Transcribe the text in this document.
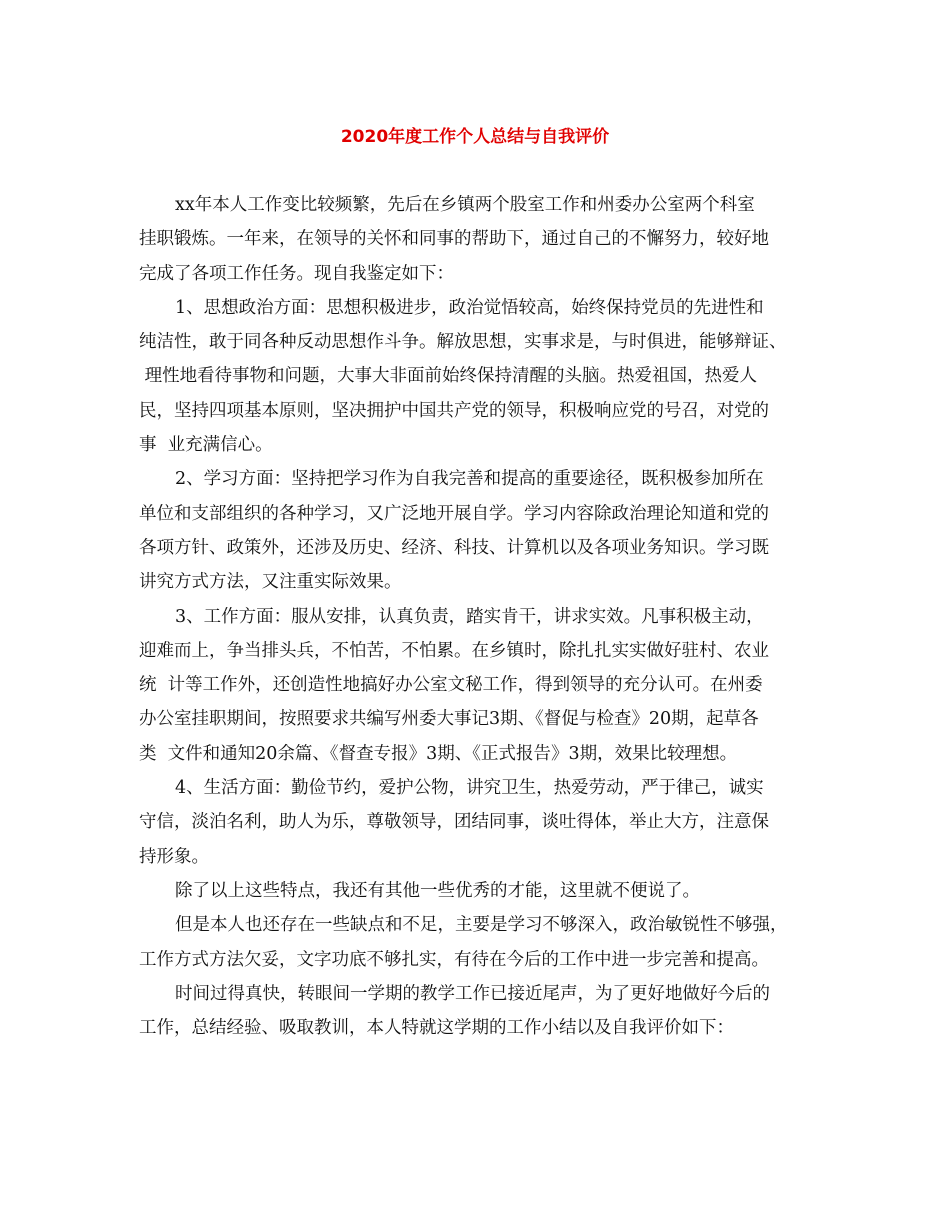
2020年度工作个人总结与自我评价
xx年本人工作变比较频繁，先后在乡镇两个股室工作和州委办公室两个科室
挂职锻炼。一年来，在领导的关怀和同事的帮助下，通过自己的不懈努力，较好地
完成了各项工作任务。现自我鉴定如下：
1、思想政治方面：思想积极进步，政治觉悟较高，始终保持党员的先进性和
纯洁性，敢于同各种反动思想作斗争。解放思想，实事求是，与时俱进，能够辩证、
理性地看待事物和问题，大事大非面前始终保持清醒的头脑。热爱祖国，热爱人
民，坚持四项基本原则，坚决拥护中国共产党的领导，积极响应党的号召，对党的
事  业充满信心。
2、学习方面：坚持把学习作为自我完善和提高的重要途径，既积极参加所在
单位和支部组织的各种学习，又广泛地开展自学。学习内容除政治理论知道和党的
各项方针、政策外，还涉及历史、经济、科技、计算机以及各项业务知识。学习既
讲究方式方法，又注重实际效果。
3、工作方面：服从安排，认真负责，踏实肯干，讲求实效。凡事积极主动，
迎难而上，争当排头兵，不怕苦，不怕累。在乡镇时，除扎扎实实做好驻村、农业
统  计等工作外，还创造性地搞好办公室文秘工作，得到领导的充分认可。在州委
办公室挂职期间，按照要求共编写州委大事记3期、《督促与检查》20期，起草各
类  文件和通知20余篇、《督查专报》3期、《正式报告》3期，效果比较理想。
4、生活方面：勤俭节约，爱护公物，讲究卫生，热爱劳动，严于律己，诚实
守信，淡泊名利，助人为乐，尊敬领导，团结同事，谈吐得体，举止大方，注意保
持形象。
除了以上这些特点，我还有其他一些优秀的才能，这里就不便说了。
但是本人也还存在一些缺点和不足，主要是学习不够深入，政治敏锐性不够强，
工作方式方法欠妥，文字功底不够扎实，有待在今后的工作中进一步完善和提高。
时间过得真快，转眼间一学期的教学工作已接近尾声，为了更好地做好今后的
工作，总结经验、吸取教训，本人特就这学期的工作小结以及自我评价如下：
